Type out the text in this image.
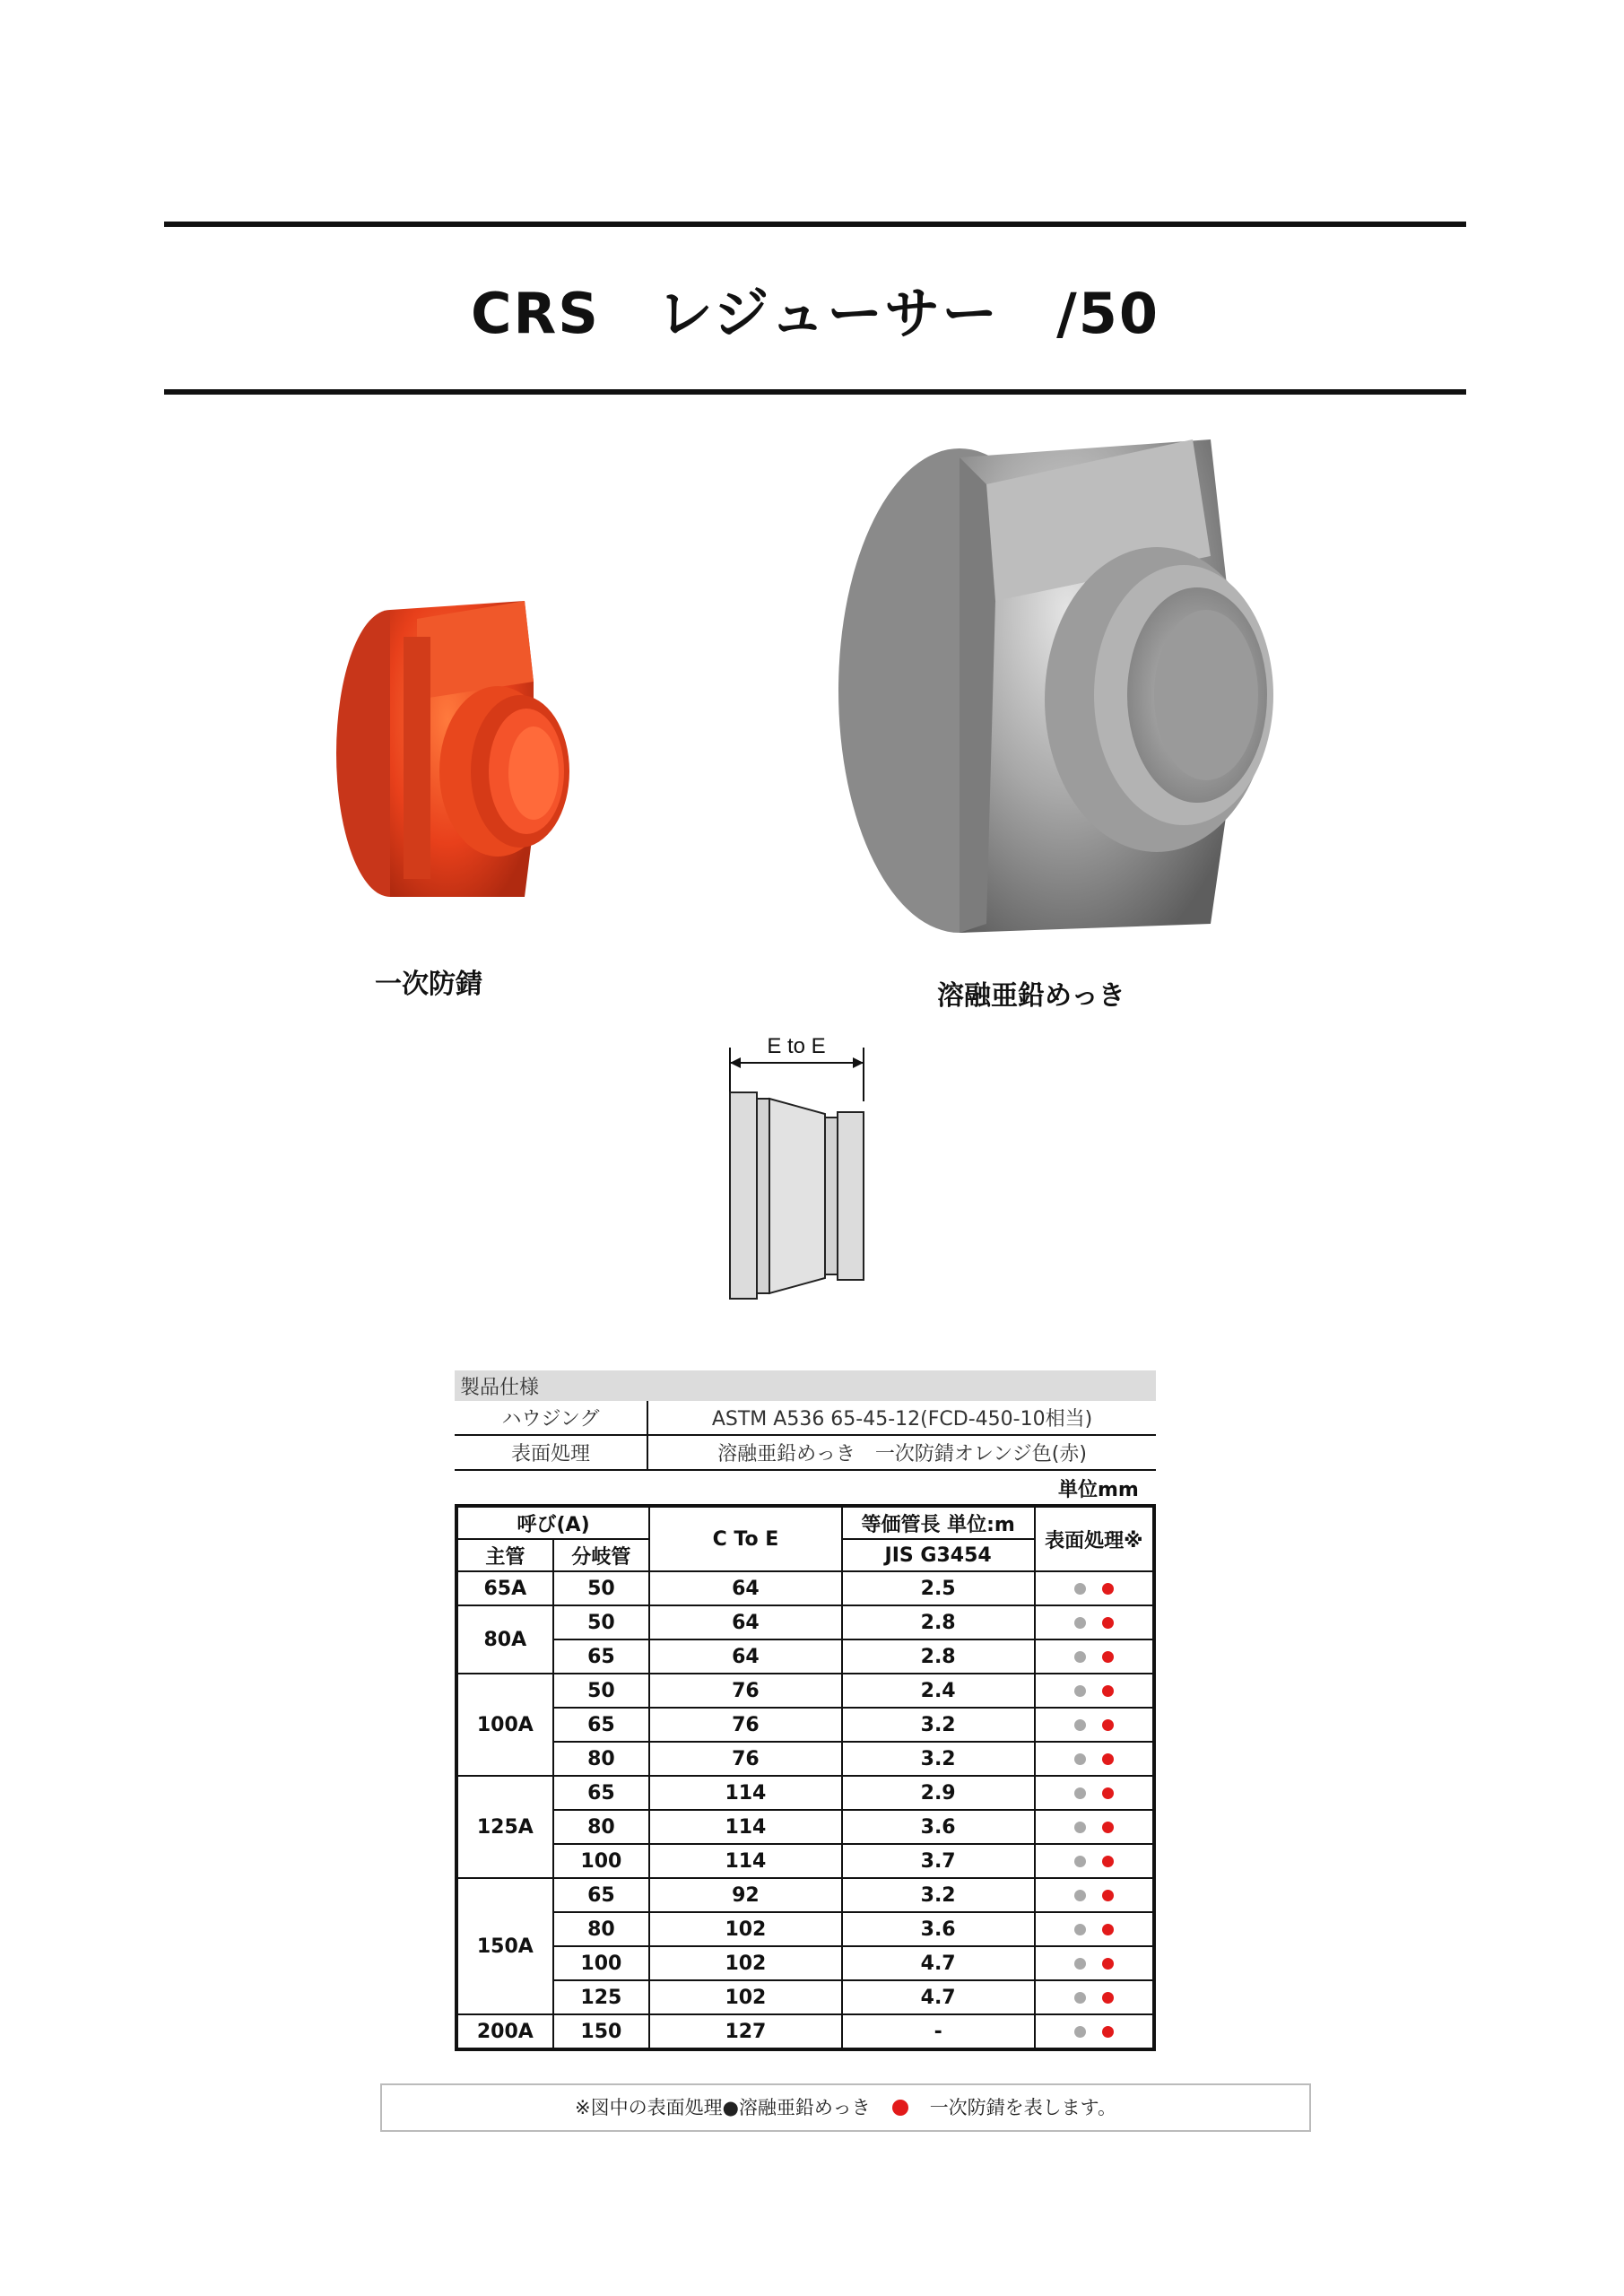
CRS　レジューサー　/50
一次防錆	溶融亜鉛めっき
E to E
製品仕様	
ハウジング	ASTM A536 65-45-12(FCD-450-10相当)
表面処理	溶融亜鉛めっき　一次防錆オレンジ色(赤)
単位mm
呼び(A)		C To E	等価管長 単位:m	表面処理※
主管	分岐管		JIS G3454	
65A	50	64	2.5	
80A	50	64	2.8	
	65	64	2.8	
100A	50	76	2.4	
	65	76	3.2	
	80	76	3.2	
125A	65	114	2.9	
	80	114	3.6	
	100	114	3.7	
150A	65	92	3.2	
	80	102	3.6	
	100	102	4.7	
	125	102	4.7	
200A	150	127	-	
※図中の表面処理●溶融亜鉛めっき	一次防錆を表します。
